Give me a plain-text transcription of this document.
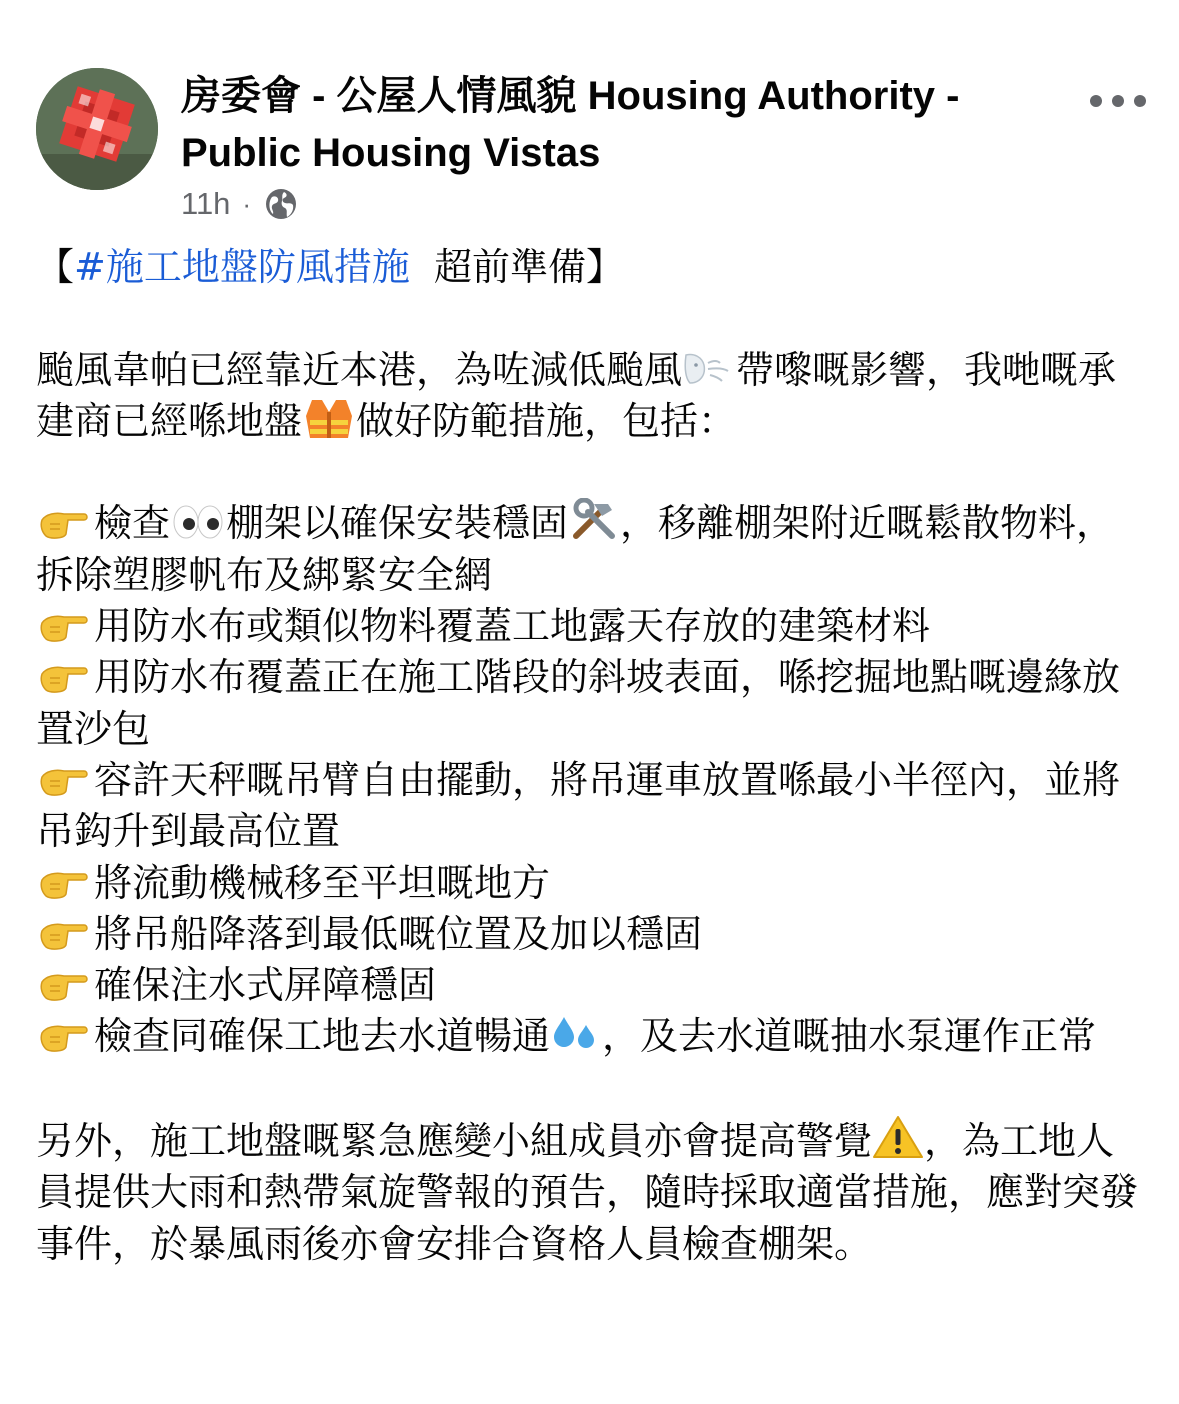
房委會 - 公屋人情風貌 Housing Authority - Public Housing Vistas
11h ·

【#施工地盤防風措施  超前準備】

颱風韋帕已經靠近本港，為咗減低颱風 帶嚟嘅影響，我哋嘅承建商已經喺地盤 做好防範措施，包括：

檢查 棚架以確保安裝穩固 ，移離棚架附近嘅鬆散物料，拆除塑膠帆布及綁緊安全網

用防水布或類似物料覆蓋工地露天存放的建築材料

用防水布覆蓋正在施工階段的斜坡表面，喺挖掘地點嘅邊緣放置沙包

容許天秤嘅吊臂自由擺動，將吊運車放置喺最小半徑內，並將吊鈎升到最高位置

將流動機械移至平坦嘅地方

將吊船降落到最低嘅位置及加以穩固

確保注水式屏障穩固

檢查同確保工地去水道暢通 ，及去水道嘅抽水泵運作正常

另外，施工地盤嘅緊急應變小組成員亦會提高警覺 ，為工地人員提供大雨和熱帶氣旋警報的預告，隨時採取適當措施，應對突發事件，於暴風雨後亦會安排合資格人員檢查棚架。
